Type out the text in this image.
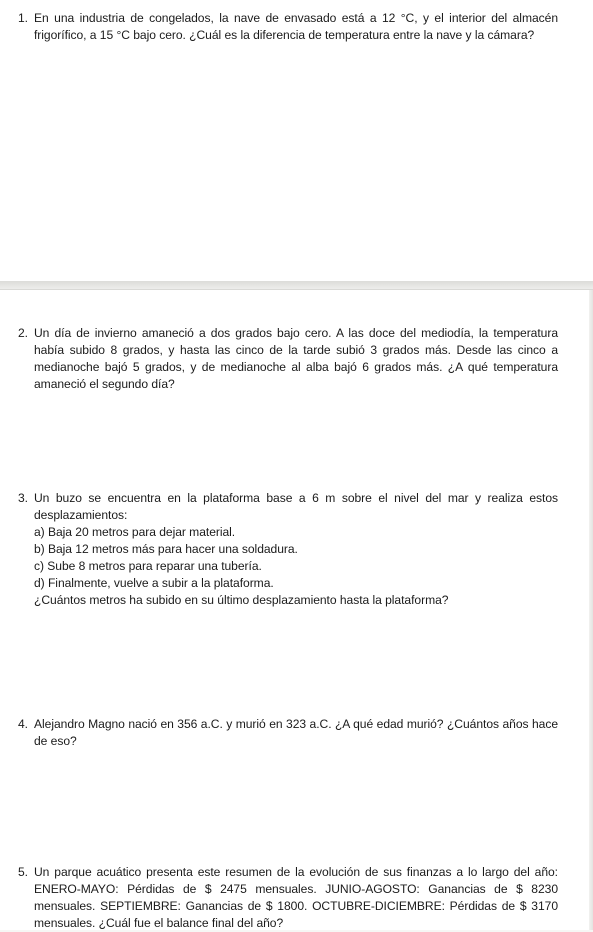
1. En una industria de congelados, la nave de envasado está a 12 °C, y el interior del almacén frigorífico, a 15 °C bajo cero. ¿Cuál es la diferencia de temperatura entre la nave y la cámara?
2. Un día de invierno amaneció a dos grados bajo cero. A las doce del mediodía, la temperatura había subido 8 grados, y hasta las cinco de la tarde subió 3 grados más. Desde las cinco a medianoche bajó 5 grados, y de medianoche al alba bajó 6 grados más. ¿A qué temperatura amaneció el segundo día?
3. Un buzo se encuentra en la plataforma base a 6 m sobre el nivel del mar y realiza estos desplazamientos:
a) Baja 20 metros para dejar material.
b) Baja 12 metros más para hacer una soldadura.
c) Sube 8 metros para reparar una tubería.
d) Finalmente, vuelve a subir a la plataforma.
¿Cuántos metros ha subido en su último desplazamiento hasta la plataforma?
4. Alejandro Magno nació en 356 a.C. y murió en 323 a.C. ¿A qué edad murió? ¿Cuántos años hace de eso?
5. Un parque acuático presenta este resumen de la evolución de sus finanzas a lo largo del año: ENERO-MAYO: Pérdidas de $ 2475 mensuales. JUNIO-AGOSTO: Ganancias de $ 8230 mensuales. SEPTIEMBRE: Ganancias de $ 1800. OCTUBRE-DICIEMBRE: Pérdidas de $ 3170 mensuales. ¿Cuál fue el balance final del año?
